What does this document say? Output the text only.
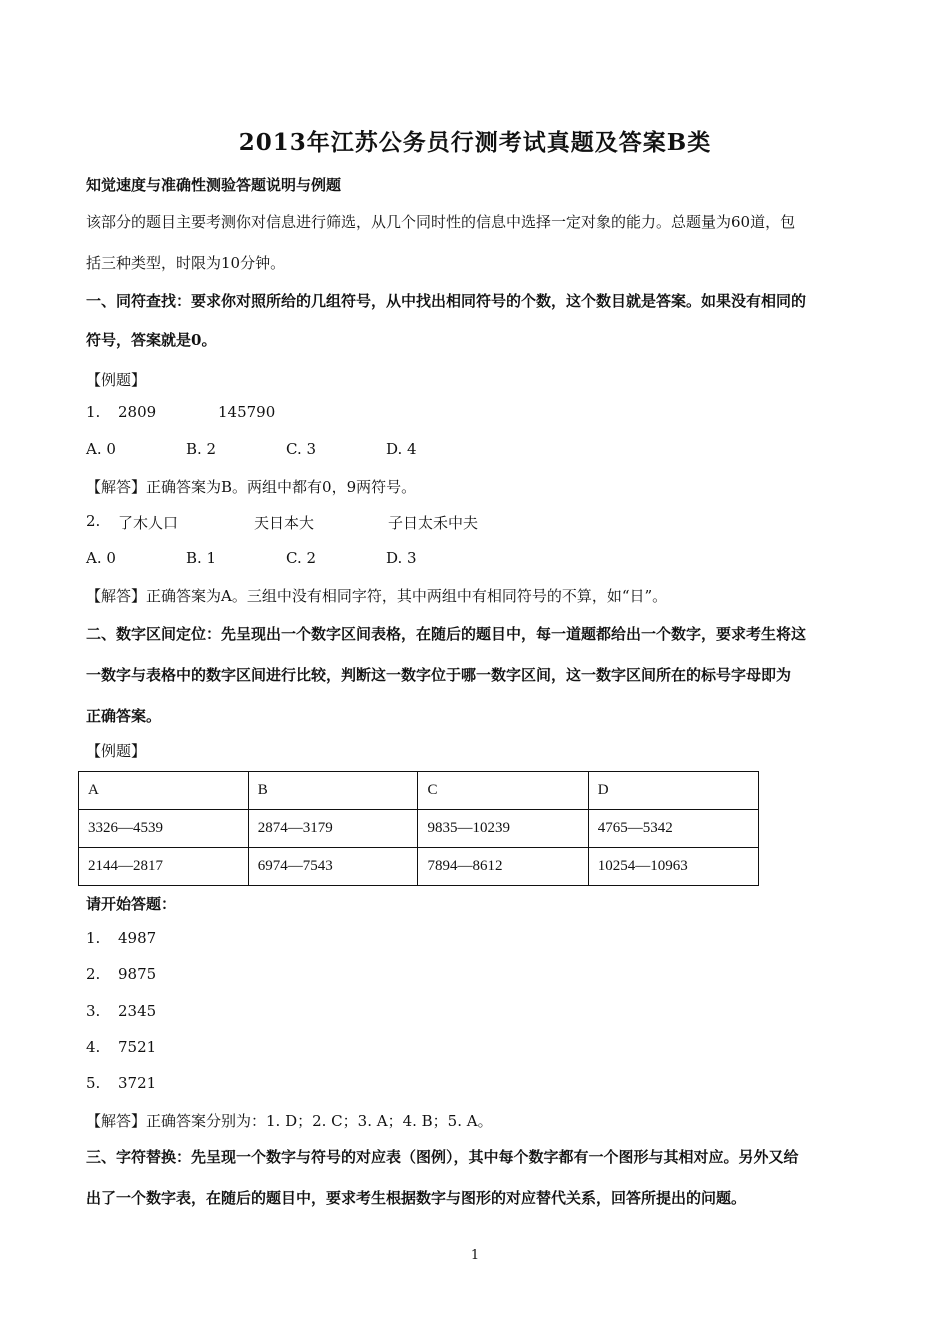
2013年江苏公务员行测考试真题及答案B类
知觉速度与准确性测验答题说明与例题
该部分的题目主要考测你对信息进行筛选，从几个同时性的信息中选择一定对象的能力。总题量为60道，包
括三种类型，时限为10分钟。
一、同符查找：要求你对照所给的几组符号，从中找出相同符号的个数，这个数目就是答案。如果没有相同的
符号，答案就是0。
【例题】
1. 2809	145790
A. 0	B. 2	C. 3	D. 4
【解答】正确答案为B。两组中都有0，9两符号。
2. 了木人口	天日本大	子日太禾中夫
A. 0	B. 1	C. 2	D. 3
【解答】正确答案为A。三组中没有相同字符，其中两组中有相同符号的不算，如“日”。
二、数字区间定位：先呈现出一个数字区间表格，在随后的题目中，每一道题都给出一个数字，要求考生将这
一数字与表格中的数字区间进行比较，判断这一数字位于哪一数字区间，这一数字区间所在的标号字母即为
正确答案。
【例题】
A	B	C	D
3326—4539	2874—3179	9835—10239	4765—5342
2144—2817	6974—7543	7894—8612	10254—10963
请开始答题：
1. 4987
2. 9875
3. 2345
4. 7521
5. 3721
【解答】正确答案分别为：1. D；2. C；3. A；4. B；5. A。
三、字符替换：先呈现一个数字与符号的对应表（图例），其中每个数字都有一个图形与其相对应。另外又给
出了一个数字表，在随后的题目中，要求考生根据数字与图形的对应替代关系，回答所提出的问题。
1
